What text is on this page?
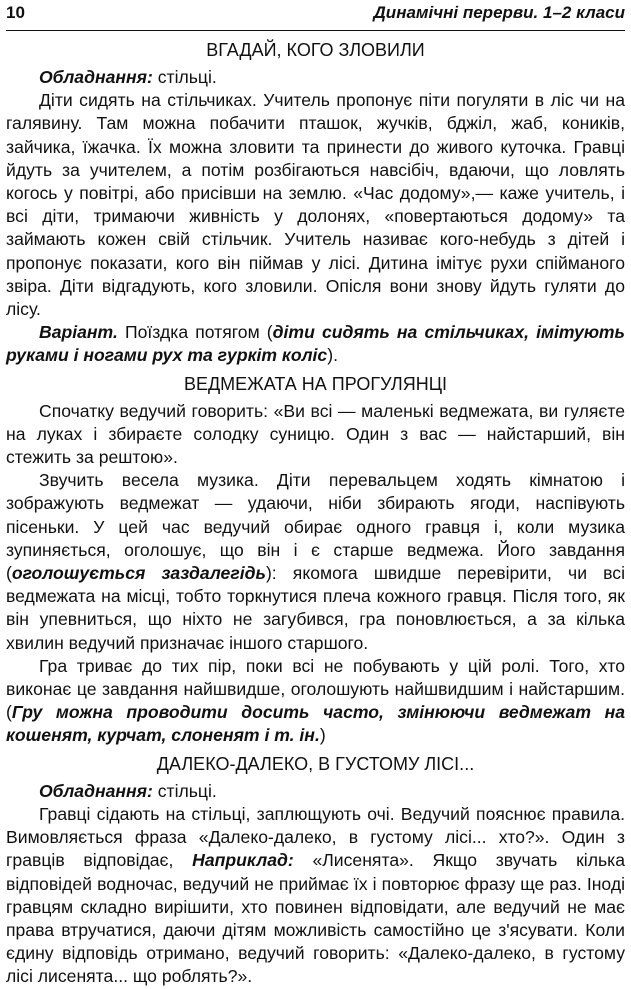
10	Динамічні перерви. 1–2 класи
ВГАДАЙ, КОГО ЗЛОВИЛИ

Обладнання: стільці.

Діти сидять на стільчиках. Учитель пропонує піти погуляти в ліс чи на галявину. Там можна побачити пташок, жучків, бджіл, жаб, коників, зайчика, їжачка. Їх можна зловити та принести до живого куточка. Гравці йдуть за учителем, а потім розбігаються навсібіч, вдаючи, що ловлять когось у повітрі, або присівши на землю. «Час додому»,— каже учитель, і всі діти, тримаючи живність у долонях, «повертаються додому» та займають кожен свій стільчик. Учитель називає кого-небудь з дітей і пропонує показати, кого він піймав у лісі. Дитина імітує рухи спійманого звіра. Діти відгадують, кого зловили. Опісля вони знову йдуть гуляти до лісу.

Варіант. Поїздка потягом (діти сидять на стільчиках, імітують руками і ногами рух та гуркіт коліс).

ВЕДМЕЖАТА НА ПРОГУЛЯНЦІ

Спочатку ведучий говорить: «Ви всі — маленькі ведмежата, ви гуляєте на луках і збираєте солодку суницю. Один з вас — найстарший, він стежить за рештою».

Звучить весела музика. Діти перевальцем ходять кімнатою і зображують ведмежат — удаючи, ніби збирають ягоди, наспівують пісеньки. У цей час ведучий обирає одного гравця і, коли музика зупиняється, оголошує, що він і є старше ведмежа. Його завдання (оголошується заздалегідь): якомога швидше перевірити, чи всі ведмежата на місці, тобто торкнутися плеча кожного гравця. Після того, як він упевниться, що ніхто не загубився, гра поновлюється, а за кілька хвилин ведучий призначає іншого старшого.

Гра триває до тих пір, поки всі не побувають у цій ролі. Того, хто виконає це завдання найшвидше, оголошують найшвидшим і найстаршим. (Гру можна проводити досить часто, змінюючи ведмежат на кошенят, курчат, слоненят і т. ін.)

ДАЛЕКО-ДАЛЕКО, В ГУСТОМУ ЛІСІ...

Обладнання: стільці.

Гравці сідають на стільці, заплющують очі. Ведучий пояснює правила. Вимовляється фраза «Далеко-далеко, в густому лісі... хто?». Один з гравців відповідає, Наприклад: «Лисенята». Якщо звучать кілька відповідей водночас, ведучий не приймає їх і повторює фразу ще раз. Іноді гравцям складно вирішити, хто повинен відповідати, але ведучий не має права втручатися, даючи дітям можливість самостійно це з'ясувати. Коли єдину відповідь отримано, ведучий говорить: «Далеко-далеко, в густому лісі лисенята... що роблять?».
